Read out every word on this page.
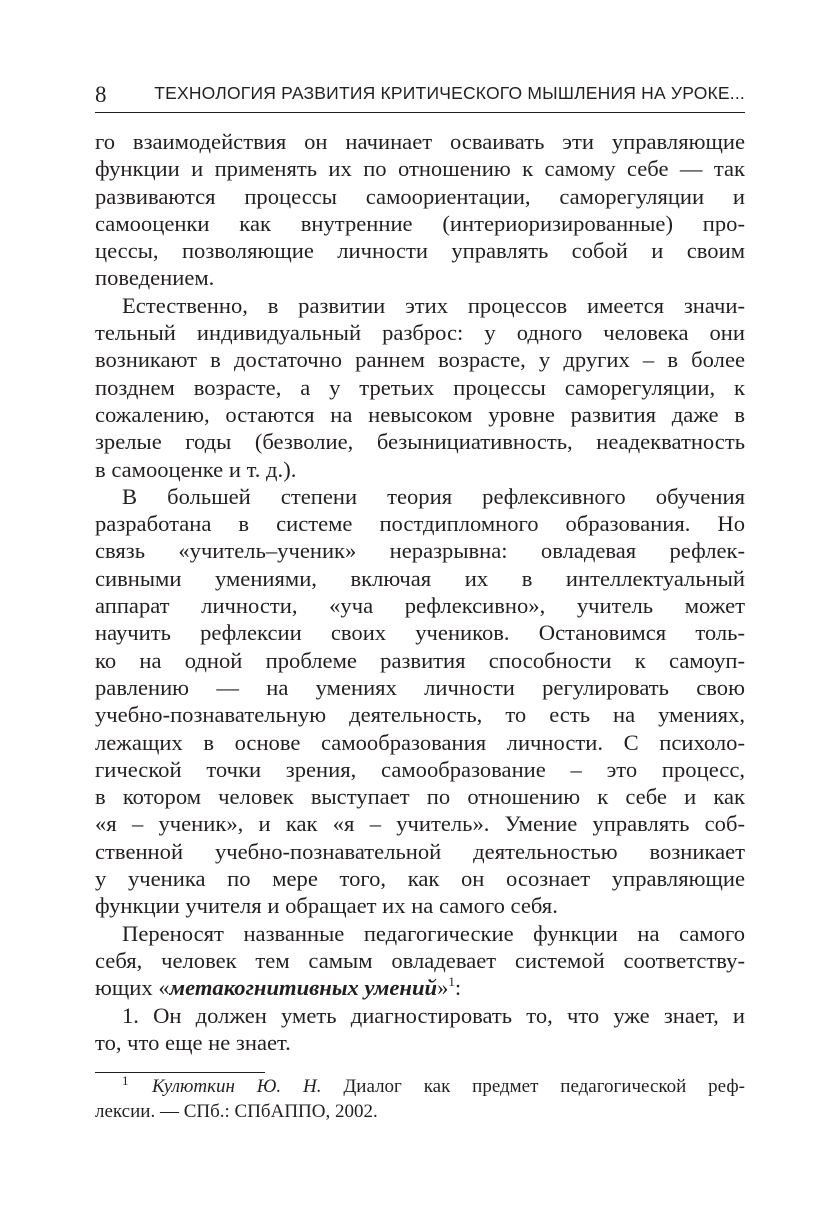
8	ТЕХНОЛОГИЯ РАЗВИТИЯ КРИТИЧЕСКОГО МЫШЛЕНИЯ НА УРОКЕ...

го взаимодействия он начинает осваивать эти управляющие
функции и применять их по отношению к самому себе — так
развиваются процессы самоориентации, саморегуляции и
самооценки как внутренние (интериоризированные) про-
цессы, позволяющие личности управлять собой и своим
поведением.

Естественно, в развитии этих процессов имеется значи-
тельный индивидуальный разброс: у одного человека они
возникают в достаточно раннем возрасте, у других – в более
позднем возрасте, а у третьих процессы саморегуляции, к
сожалению, остаются на невысоком уровне развития даже в
зрелые годы (безволие, безынициативность, неадекватность
в самооценке и т. д.).

В большей степени теория рефлексивного обучения
разработана в системе постдипломного образования. Но
связь «учитель–ученик» неразрывна: овладевая рефлек-
сивными умениями, включая их в интеллектуальный
аппарат личности, «уча рефлексивно», учитель может
научить рефлексии своих учеников. Остановимся толь-
ко на одной проблеме развития способности к самоуп-
равлению — на умениях личности регулировать свою
учебно-познавательную деятельность, то есть на умениях,
лежащих в основе самообразования личности. С психоло-
гической точки зрения, самообразование – это процесс,
в котором человек выступает по отношению к себе и как
«я – ученик», и как «я – учитель». Умение управлять соб-
ственной учебно-познавательной деятельностью возникает
у ученика по мере того, как он осознает управляющие
функции учителя и обращает их на самого себя.

Переносят названные педагогические функции на самого
себя, человек тем самым овладевает системой соответству-
ющих «метакогнитивных умений»$^1$:

1. Он должен уметь диагностировать то, что уже знает, и
то, что еще не знает.

1 Кулюткин Ю. Н. Диалог как предмет педагогической реф-
лексии. — СПб.: СПбАППО, 2002.
